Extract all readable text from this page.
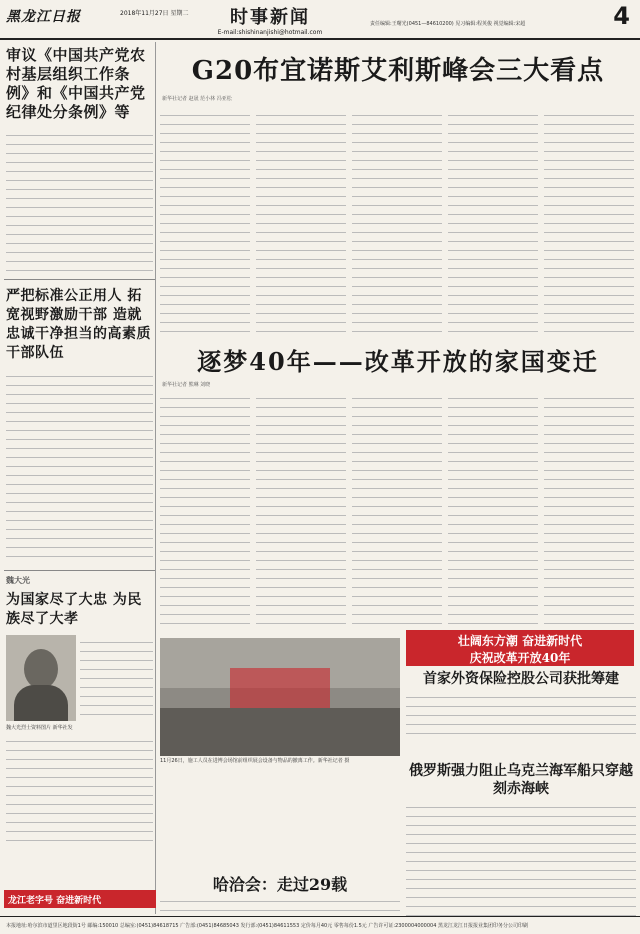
黑龙江日报	2018年11月27日 星期二	时事新闻
E-mail:shishinanjishi@hotmail.com
责任编辑:王曙光(0451—84610200) 见习编辑:程英俊 视觉编辑:宋超	4
审议《中国共产党农村基层组织工作条例》和《中国共产党纪律处分条例》等
严把标准公正用人 拓宽视野激励干部 造就忠诚干净担当的高素质干部队伍
魏大光
为国家尽了大忠 为民族尽了大孝
魏大光烈士资料图片 新华社发
龙江老字号 奋进新时代
G20布宜诺斯艾利斯峰会三大看点
新华社记者 赵晟 范小林 冯亚松
逐梦40年——改革开放的家国变迁
新华社记者 熊琳 刘晓
11月26日，施工人员在进博会场馆前组织展会设备与物品的撤离工作。新华社记者 摄
壮阔东方潮 奋进新时代
庆祝改革开放40年
首家外资保险控股公司获批筹建
俄罗斯强力阻止乌克兰海军船只穿越刻赤海峡
哈洽会：走过29载
本报地址:哈尔滨市道里区地段街1号 邮编:150010 总编室:(0451)84618715 广告部:(0451)84685043 发行部:(0451)84611553 定价每月40元 零售每份1.5元 广告许可证:2300004000004 黑龙江龙江日报报业集团印务分公司印刷
